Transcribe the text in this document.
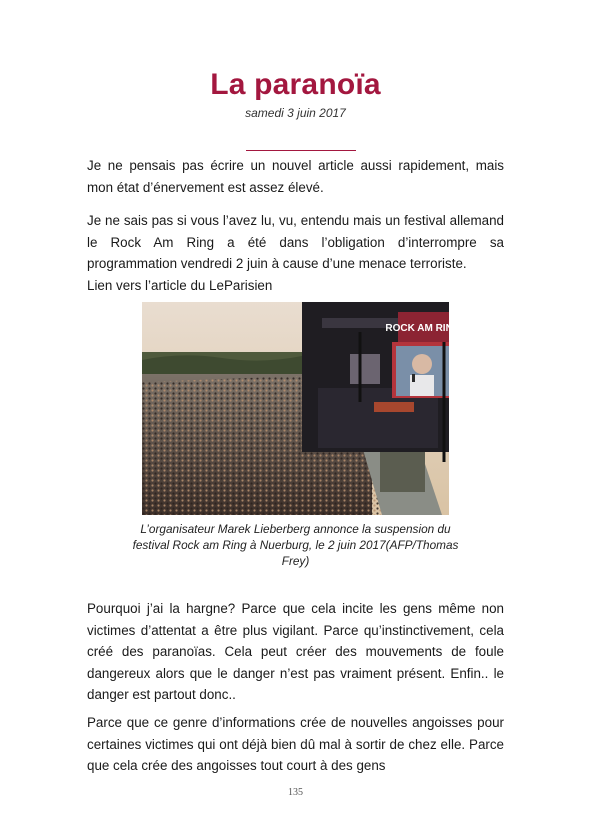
La paranoïa
samedi 3 juin 2017

Je ne pensais pas écrire un nouvel article aussi rapidement, mais mon état d’énervement est assez élevé.

Je ne sais pas si vous l’avez lu, vu, entendu mais un festival allemand le Rock Am Ring a été dans l’obligation d’interrompre sa programmation vendredi 2 juin à cause d’une menace terroriste.
Lien vers l’article du LeParisien

ROCK AM RING

L’organisateur Marek Lieberberg annonce la suspension du festival Rock am Ring à Nuerburg, le 2 juin 2017(AFP/Thomas Frey)

Pourquoi j’ai la hargne? Parce que cela incite les gens même non victimes d’attentat a être plus vigilant. Parce qu’instinctivement, cela créé des paranoïas. Cela peut créer des mouvements de foule dangereux alors que le danger n’est pas vraiment présent. Enfin.. le danger est partout donc..

Parce que ce genre d’informations crée de nouvelles angoisses pour certaines victimes qui ont déjà bien dû mal à sortir de chez elle. Parce que cela crée des angoisses tout court à des gens

135
